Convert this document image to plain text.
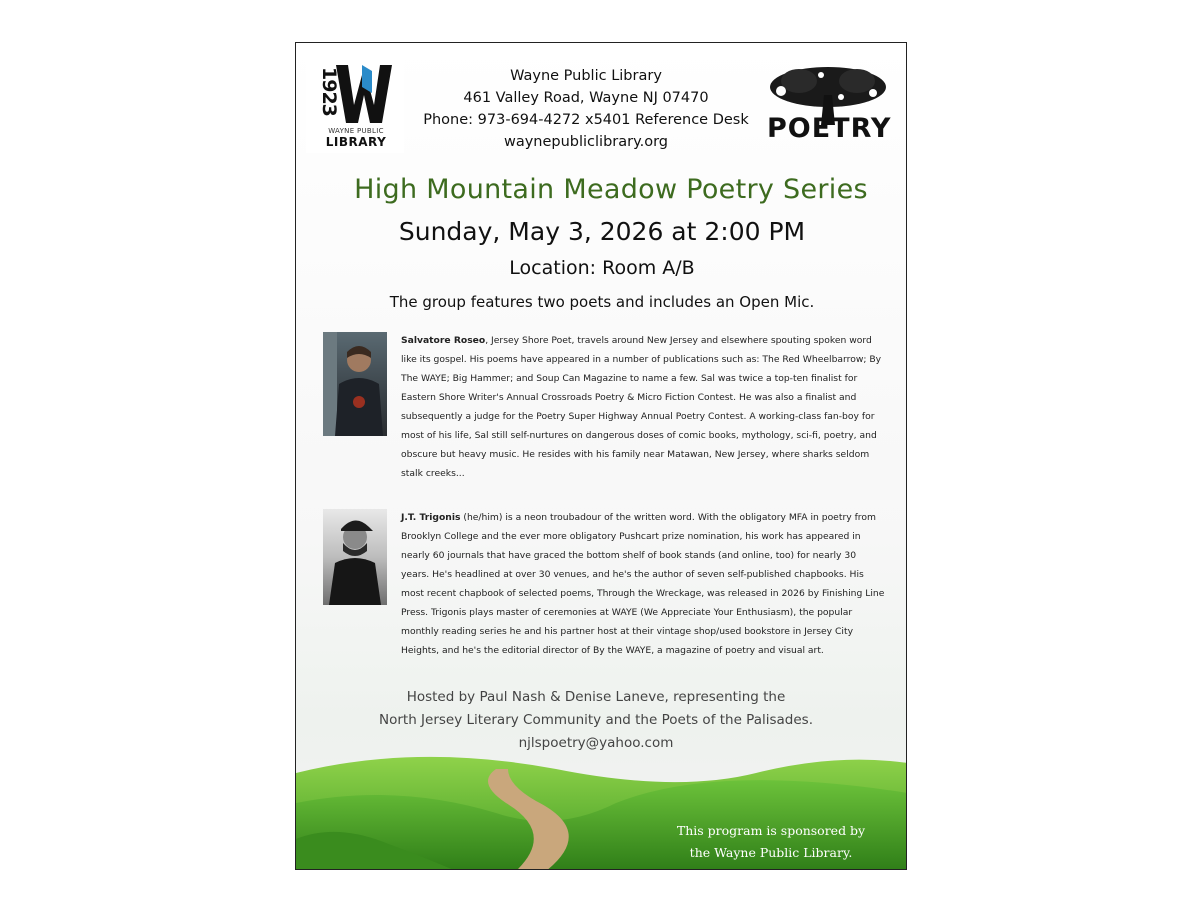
1923
WAYNE PUBLIC
LIBRARY
Wayne Public Library
461 Valley Road, Wayne NJ 07470
Phone: 973-694-4272 x5401 Reference Desk
waynepubliclibrary.org	POETRY
High Mountain Meadow Poetry Series
Sunday, May 3, 2026 at 2:00 PM
Location: Room A/B
The group features two poets and includes an Open Mic.
Salvatore Roseo, Jersey Shore Poet, travels around New Jersey and elsewhere spouting spoken word like its gospel. His poems have appeared in a number of publications such as: The Red Wheelbarrow; By The WAYE; Big Hammer; and Soup Can Magazine to name a few. Sal was twice a top-ten finalist for Eastern Shore Writer's Annual Crossroads Poetry & Micro Fiction Contest. He was also a finalist and subsequently a judge for the Poetry Super Highway Annual Poetry Contest. A working-class fan-boy for most of his life, Sal still self-nurtures on dangerous doses of comic books, mythology, sci-fi, poetry, and obscure but heavy music. He resides with his family near Matawan, New Jersey, where sharks seldom stalk creeks...
J.T. Trigonis (he/him) is a neon troubadour of the written word. With the obligatory MFA in poetry from Brooklyn College and the ever more obligatory Pushcart prize nomination, his work has appeared in nearly 60 journals that have graced the bottom shelf of book stands (and online, too) for nearly 30 years. He's headlined at over 30 venues, and he's the author of seven self-published chapbooks. His most recent chapbook of selected poems, Through the Wreckage, was released in 2026 by Finishing Line Press. Trigonis plays master of ceremonies at WAYE (We Appreciate Your Enthusiasm), the popular monthly reading series he and his partner host at their vintage shop/used bookstore in Jersey City Heights, and he's the editorial director of By the WAYE, a magazine of poetry and visual art.
Hosted by Paul Nash & Denise Laneve, representing the
North Jersey Literary Community and the Poets of the Palisades.
njlspoetry@yahoo.com
This program is sponsored by
the Wayne Public Library.
